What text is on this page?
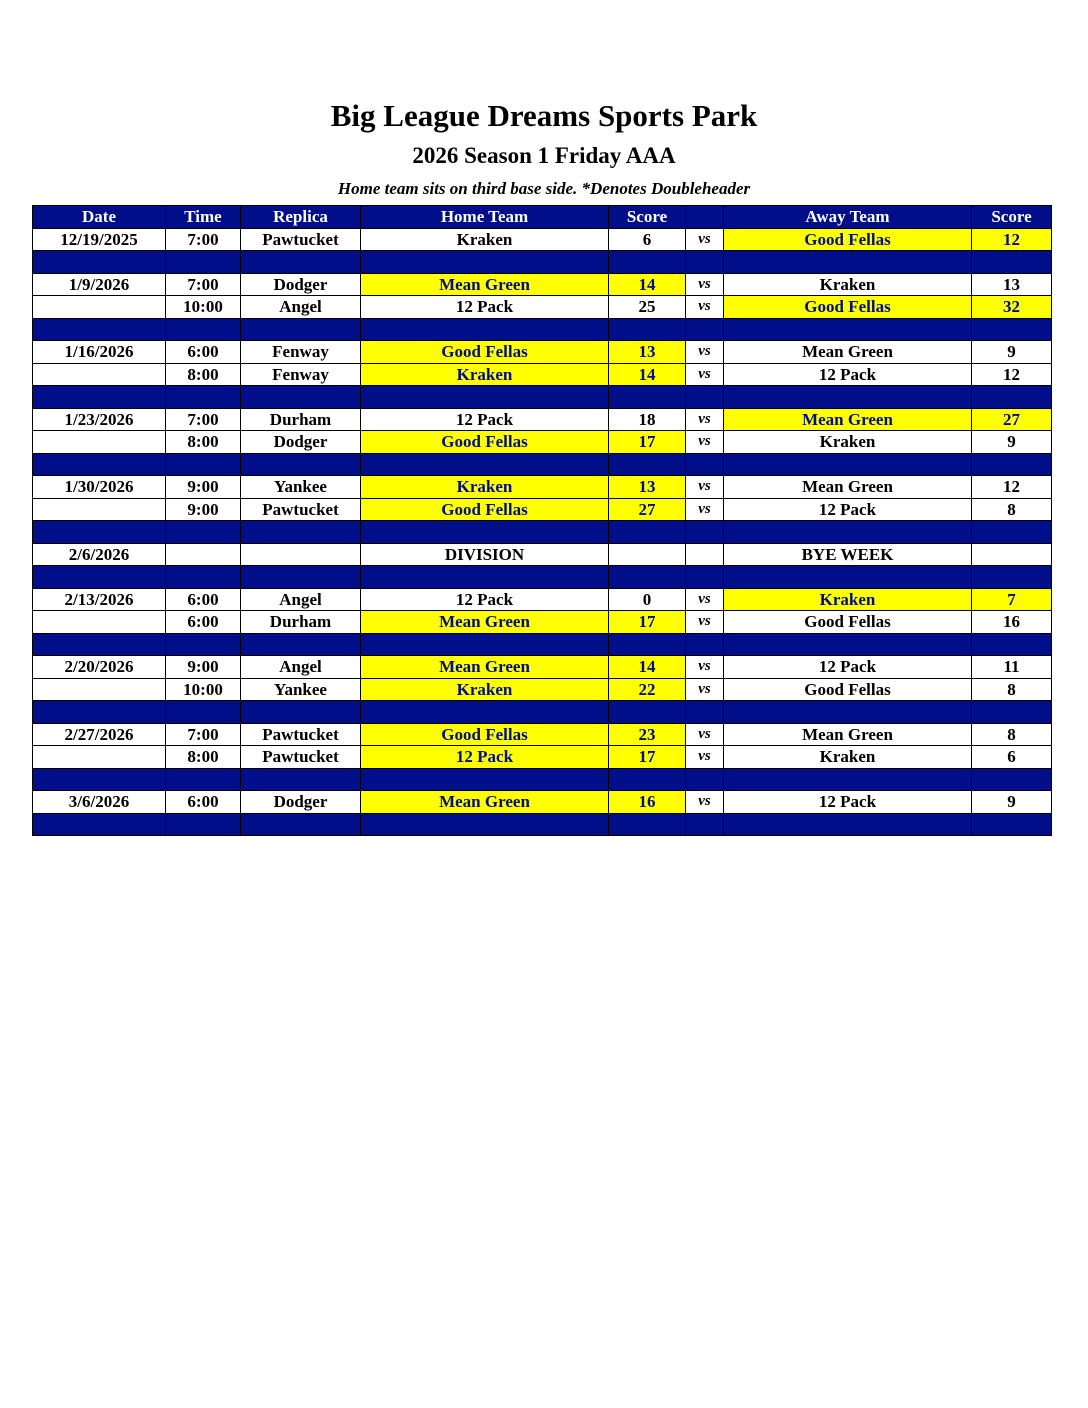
Big League Dreams Sports Park
2026 Season 1 Friday AAA
Home team sits on third base side. *Denotes Doubleheader
Date	Time	Replica	Home Team	Score		Away Team	Score
12/19/2025	7:00	Pawtucket	Kraken	6	vs	Good Fellas	12

1/9/2026	7:00	Dodger	Mean Green	14	vs	Kraken	13
	10:00	Angel	12 Pack	25	vs	Good Fellas	32

1/16/2026	6:00	Fenway	Good Fellas	13	vs	Mean Green	9
	8:00	Fenway	Kraken	14	vs	12 Pack	12

1/23/2026	7:00	Durham	12 Pack	18	vs	Mean Green	27
	8:00	Dodger	Good Fellas	17	vs	Kraken	9

1/30/2026	9:00	Yankee	Kraken	13	vs	Mean Green	12
	9:00	Pawtucket	Good Fellas	27	vs	12 Pack	8

2/6/2026			DIVISION			BYE WEEK	

2/13/2026	6:00	Angel	12 Pack	0	vs	Kraken	7
	6:00	Durham	Mean Green	17	vs	Good Fellas	16

2/20/2026	9:00	Angel	Mean Green	14	vs	12 Pack	11
	10:00	Yankee	Kraken	22	vs	Good Fellas	8

2/27/2026	7:00	Pawtucket	Good Fellas	23	vs	Mean Green	8
	8:00	Pawtucket	12 Pack	17	vs	Kraken	6

3/6/2026	6:00	Dodger	Mean Green	16	vs	12 Pack	9
